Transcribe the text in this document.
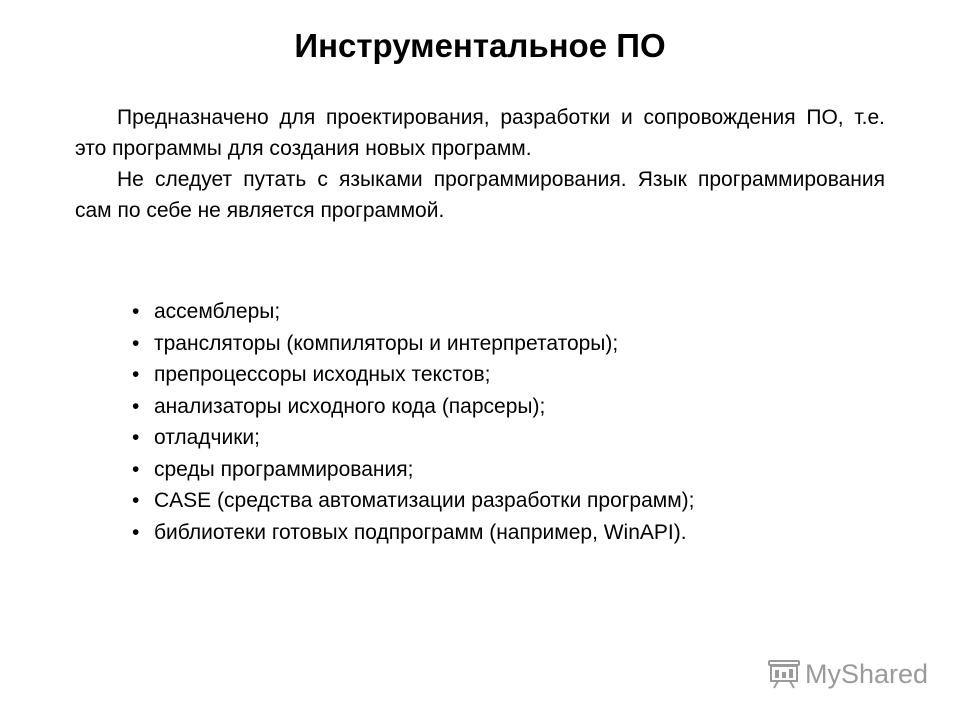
Инструментальное ПО

Предназначено для проектирования, разработки и сопровождения ПО, т.е. это программы для создания новых программ.

Не следует путать с языками программирования. Язык программирования сам по себе не является программой.

• ассемблеры;
• трансляторы (компиляторы и интерпретаторы);
• препроцессоры исходных текстов;
• анализаторы исходного кода (парсеры);
• отладчики;
• среды программирования;
• CASE (средства автоматизации разработки программ);
• библиотеки готовых подпрограмм (например, WinAPI).
MyShared
